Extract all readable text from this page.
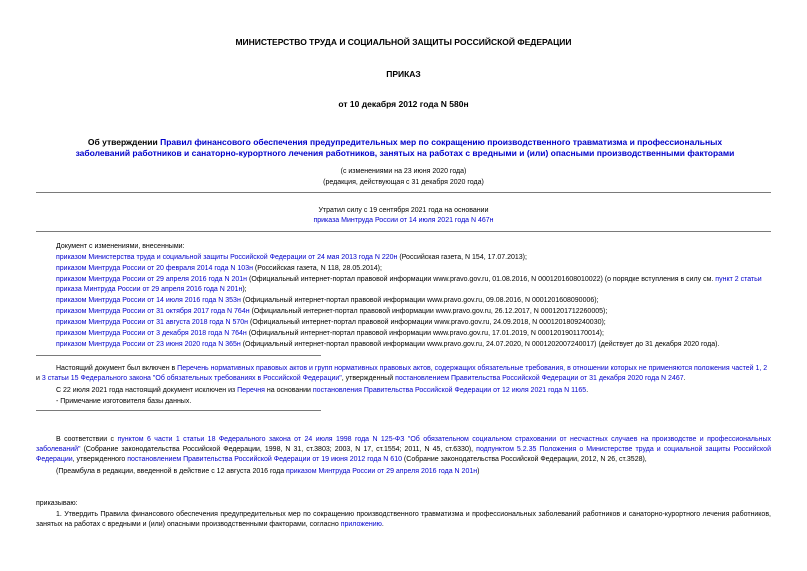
МИНИСТЕРСТВО ТРУДА И СОЦИАЛЬНОЙ ЗАЩИТЫ РОССИЙСКОЙ ФЕДЕРАЦИИ
ПРИКАЗ
от 10 декабря 2012 года N 580н
Об утверждении Правил финансового обеспечения предупредительных мер по сокращению производственного травматизма и профессиональных заболеваний работников и санаторно-курортного лечения работников, занятых на работах с вредными и (или) опасными производственными факторами
(с изменениями на 23 июня 2020 года)
(редакция, действующая с 31 декабря 2020 года)
Утратил силу с 19 сентября 2021 года на основании
приказа Минтруда России от 14 июля 2021 года N 467н
Документ с изменениями, внесенными:
приказом Министерства труда и социальной защиты Российской Федерации от 24 мая 2013 года N 220н (Российская газета, N 154, 17.07.2013);
приказом Минтруда России от 20 февраля 2014 года N 103н (Российская газета, N 118, 28.05.2014);
приказом Минтруда России от 29 апреля 2016 года N 201н (Официальный интернет-портал правовой информации www.pravo.gov.ru, 01.08.2016, N 0001201608010022) (о порядке вступления в силу см. пункт 2 статьи приказа Минтруда России от 29 апреля 2016 года N 201н);
приказом Минтруда России от 14 июля 2016 года N 353н (Официальный интернет-портал правовой информации www.pravo.gov.ru, 09.08.2016, N 0001201608090006);
приказом Минтруда России от 31 октября 2017 года N 764н (Официальный интернет-портал правовой информации www.pravo.gov.ru, 26.12.2017, N 0001201712260005);
приказом Минтруда России от 31 августа 2018 года N 570н (Официальный интернет-портал правовой информации www.pravo.gov.ru, 24.09.2018, N 0001201809240030);
приказом Минтруда России от 3 декабря 2018 года N 764н (Официальный интернет-портал правовой информации www.pravo.gov.ru, 17.01.2019, N 0001201901170014);
приказом Минтруда России от 23 июня 2020 года N 365н (Официальный интернет-портал правовой информации www.pravo.gov.ru, 24.07.2020, N 0001202007240017) (действует до 31 декабря 2020 года).
Настоящий документ был включен в Перечень нормативных правовых актов и групп нормативных правовых актов, содержащих обязательные требования, в отношении которых не применяются положения частей 1, 2 и 3 статьи 15 Федерального закона "Об обязательных требованиях в Российской Федерации", утвержденный постановлением Правительства Российской Федерации от 31 декабря 2020 года N 2467.
С 22 июля 2021 года настоящий документ исключен из Перечня на основании постановления Правительства Российской Федерации от 12 июля 2021 года N 1165.
- Примечание изготовителя базы данных.
В соответствии с пунктом 6 части 1 статьи 18 Федерального закона от 24 июля 1998 года N 125-ФЗ "Об обязательном социальном страховании от несчастных случаев на производстве и профессиональных заболеваний" (Собрание законодательства Российской Федерации, 1998, N 31, ст.3803; 2003, N 17, ст.1554; 2011, N 45, ст.6330), подпунктом 5.2.35 Положения о Министерстве труда и социальной защиты Российской Федерации, утвержденного постановлением Правительства Российской Федерации от 19 июня 2012 года N 610 (Собрание законодательства Российской Федерации, 2012, N 26, ст.3528),
(Преамбула в редакции, введенной в действие с 12 августа 2016 года приказом Минтруда России от 29 апреля 2016 года N 201н)
приказываю:
1. Утвердить Правила финансового обеспечения предупредительных мер по сокращению производственного травматизма и профессиональных заболеваний работников и санаторно-курортного лечения работников, занятых на работах с вредными и (или) опасными производственными факторами, согласно приложению.
